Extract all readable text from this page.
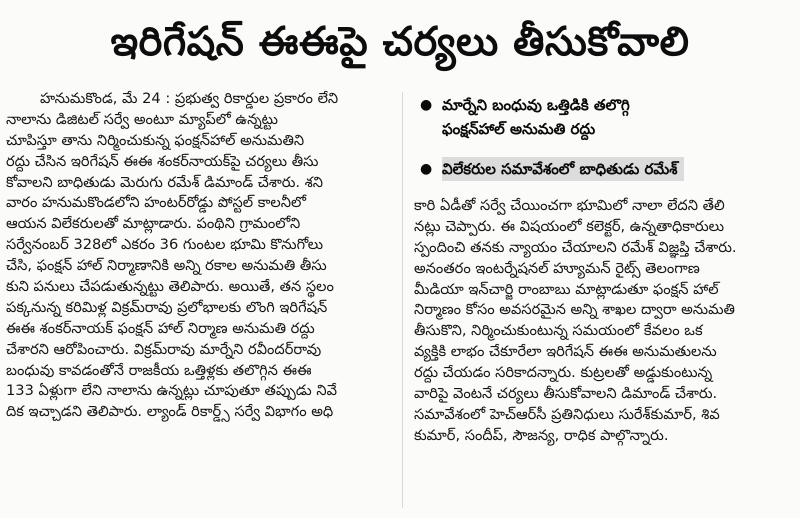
ఇరిగేషన్ ఈఈపై చర్యలు తీసుకోవాలి
హనుమకొండ, మే 24 : ప్రభుత్వ రికార్డుల ప్రకారం లేని
నాలాను డిజిటల్ సర్వే అంటూ మ్యాప్‌లో ఉన్నట్టు
చూపిస్తూ తాను నిర్మించుకున్న ఫంక్షన్‌హాల్ అనుమతిని
రద్దు చేసిన ఇరిగేషన్ ఈఈ శంకర్‌నాయక్‌పై చర్యలు తీసు
కోవాలని బాధితుడు మెరుగు రమేశ్ డిమాండ్ చేశారు. శని
వారం హనుమకొండలోని హంటర్‌రోడ్డు పోస్టల్ కాలనీలో
ఆయన విలేకరులతో మాట్లాడారు. పంథిని గ్రామంలోని
సర్వేనంబర్ 328లో ఎకరం 36 గుంటల భూమి కొనుగోలు
చేసి, ఫంక్షన్ హాల్ నిర్మాణానికి అన్ని రకాల అనుమతి తీసు
కుని పనులు చేపడుతున్నట్టు తెలిపారు. అయితే, తన స్థలం
పక్కనున్న కరిమిళ్ల విక్రమ్‌రావు ప్రలోభాలకు లొంగి ఇరిగేషన్
ఈఈ శంకర్‌నాయక్ ఫంక్షన్ హాల్ నిర్మాణ అనుమతి రద్దు
చేశారని ఆరోపించారు. విక్రమ్‌రావు మార్నేని రవీందర్‌రావు
బంధువు కావడంతోనే రాజకీయ ఒత్తిళ్లకు తలొగ్గిన ఈఈ
133 ఏళ్లుగా లేని నాలాను ఉన్నట్లు చూపుతూ తప్పుడు నివే
దిక ఇచ్చాడని తెలిపారు. ల్యాండ్ రికార్డ్స్ సర్వే విభాగం అధి
● మార్నేని బంధువు ఒత్తిడికి తలొగ్గి
ఫంక్షన్‌హాల్ అనుమతి రద్దు
● విలేకరుల సమావేశంలో బాధితుడు రమేశ్
కారి ఏడీతో సర్వే చేయించగా భూమిలో నాలా లేదని తేలి
నట్లు చెప్పారు. ఈ విషయంలో కలెక్టర్, ఉన్నతాధికారులు
స్పందించి తనకు న్యాయం చేయాలని రమేశ్ విజ్ఞప్తి చేశారు.
అనంతరం ఇంటర్నేషనల్ హ్యూమన్ రైట్స్ తెలంగాణ
మీడియా ఇన్‌చార్జి రాంబాబు మాట్లాడుతూ ఫంక్షన్ హాల్
నిర్మాణం కోసం అవసరమైన అన్ని శాఖల ద్వారా అనుమతి
తీసుకొని, నిర్మించుకుంటున్న సమయంలో కేవలం ఒక
వ్యక్తికి లాభం చేకూరేలా ఇరిగేషన్ ఈఈ అనుమతులను
రద్దు చేయడం సరికాదన్నారు. కుట్రలతో అడ్డుకుంటున్న
వారిపై వెంటనే చర్యలు తీసుకోవాలని డిమాండ్ చేశారు.
సమావేశంలో హెచ్‌ఆర్‌సీ ప్రతినిధులు సురేశ్‌కుమార్, శివ
కుమార్, సందీప్, సౌజన్య, రాధిక పాల్గొన్నారు.
